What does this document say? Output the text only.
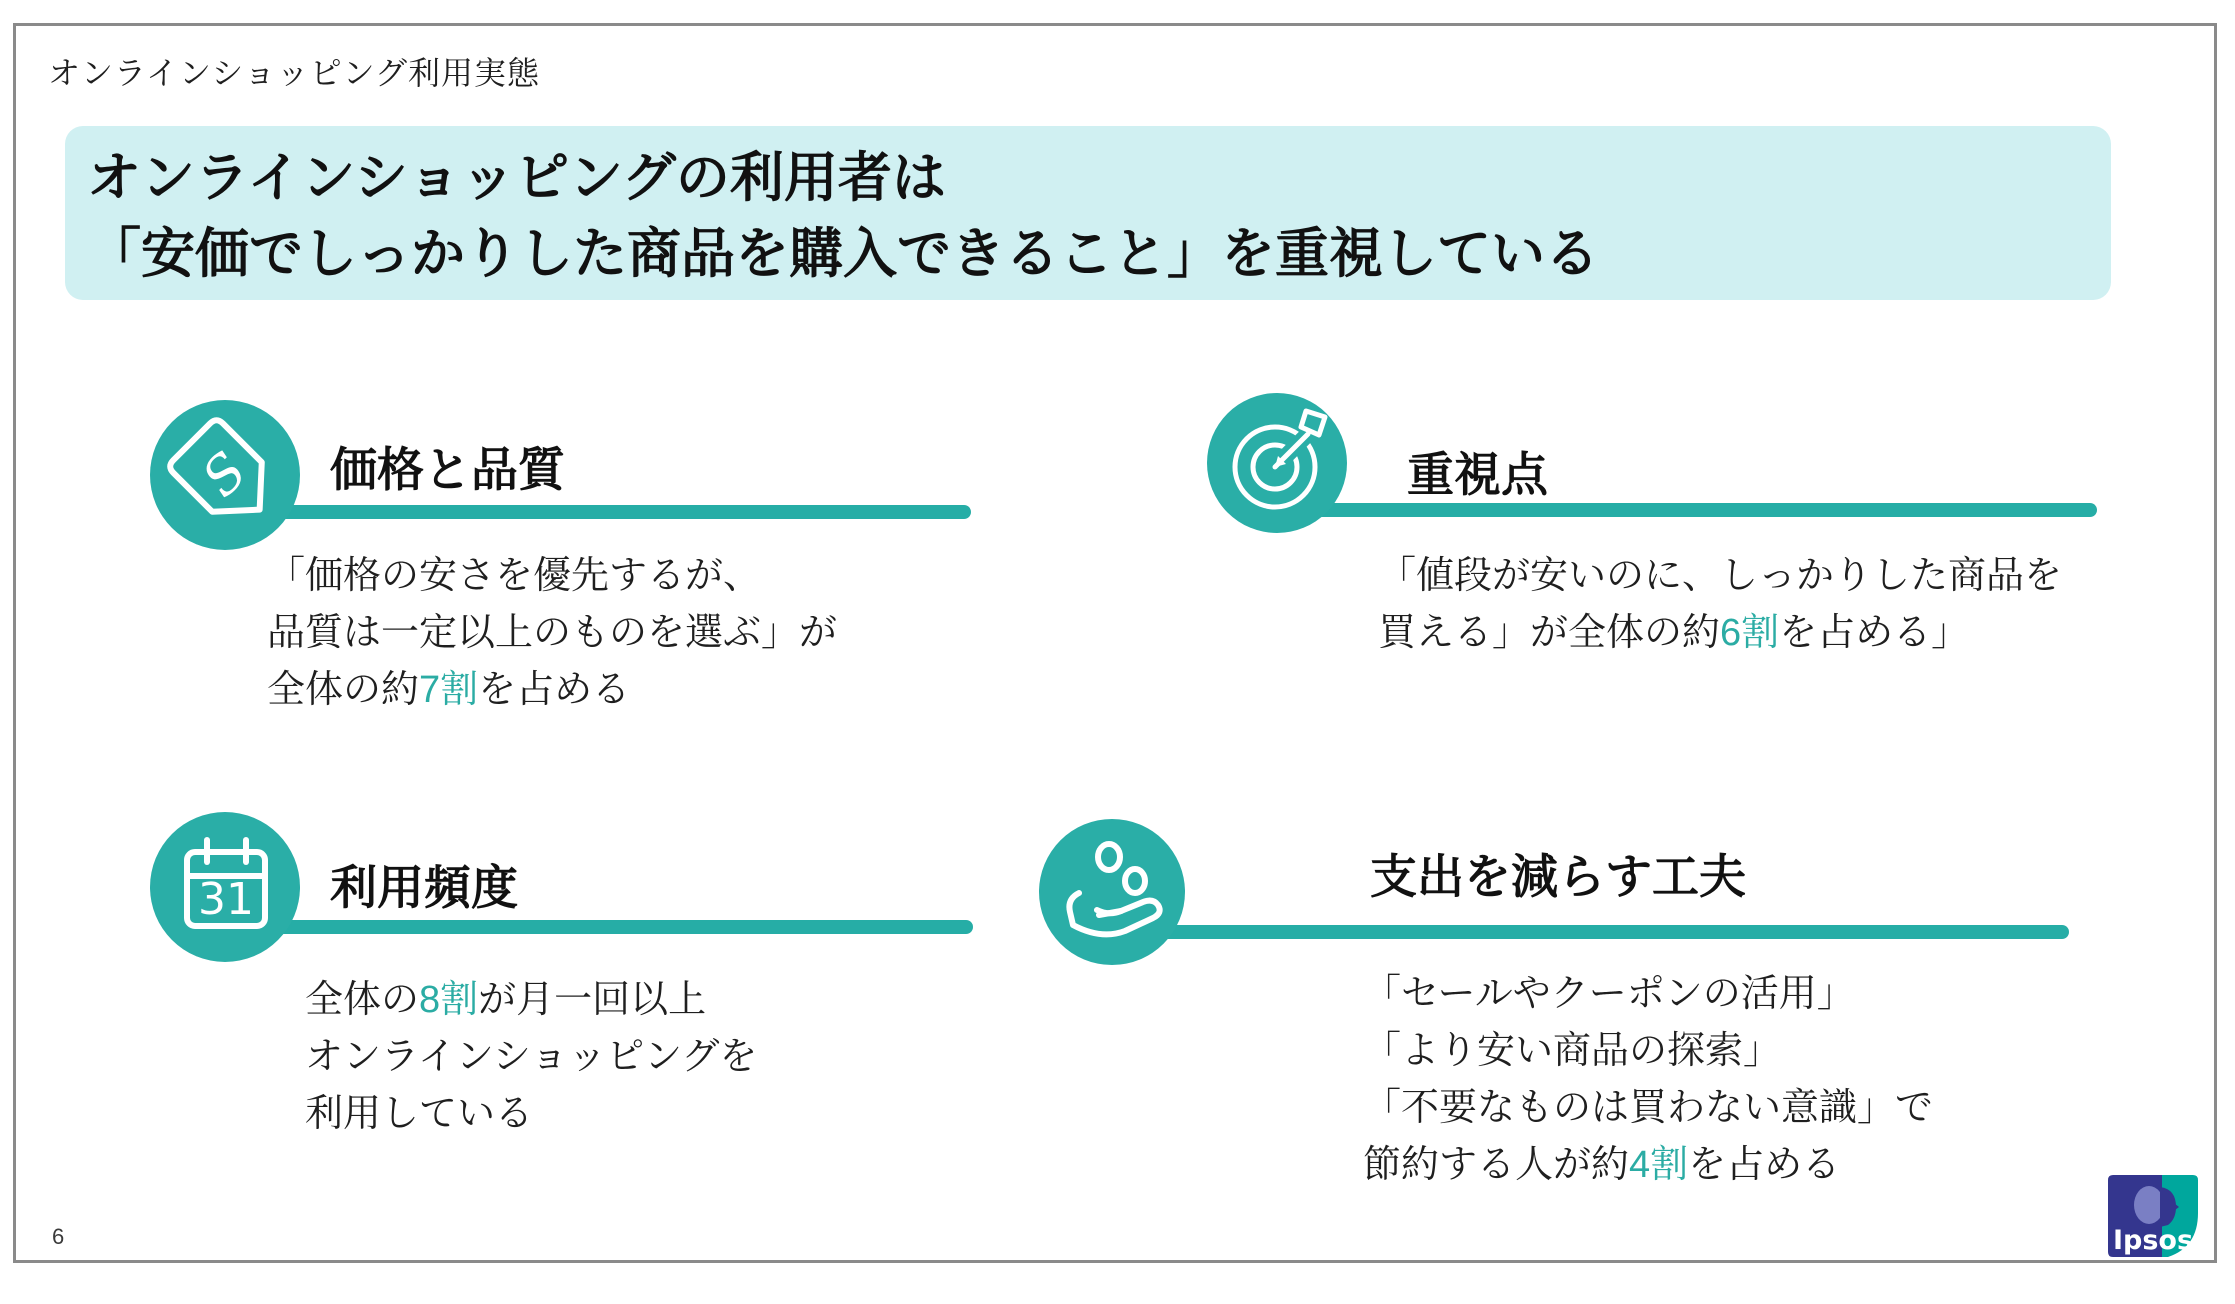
オンラインショッピング利用実態
オンラインショッピングの利用者は
「安価でしっかりした商品を購入できること」を重視している
S 価格と品質
「価格の安さを優先するが、
品質は一定以上のものを選ぶ」が
全体の約7割を占める
重視点
「値段が安いのに、しっかりした商品を
買える」が全体の約6割を占める」
31 利用頻度
全体の8割が月一回以上
オンラインショッピングを
利用している
支出を減らす工夫
「セールやクーポンの活用」
「より安い商品の探索」
「不要なものは買わない意識」で
節約する人が約4割を占める
6	Ipsos
